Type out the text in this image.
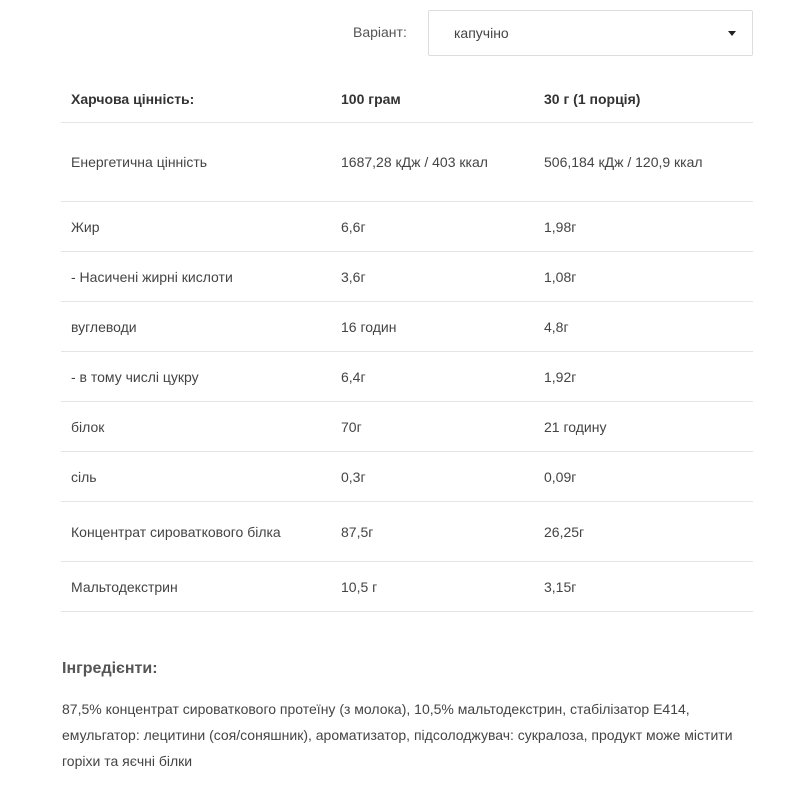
Варіант:	капучіно
Харчова цінність:	100 грам	30 г (1 порція)
Енергетична цінність	1687,28 кДж / 403 ккал	506,184 кДж / 120,9 ккал
Жир	6,6г	1,98г
- Насичені жирні кислоти	3,6г	1,08г
вуглеводи	16 годин	4,8г
- в тому числі цукру	6,4г	1,92г
білок	70г	21 годину
сіль	0,3г	0,09г
Концентрат сироваткового білка	87,5г	26,25г
Мальтодекстрин	10,5 г	3,15г
Інгредієнти:

87,5% концентрат сироваткового протеїну (з молока), 10,5% мальтодекстрин, стабілізатор Е414, емульгатор: лецитини (соя/соняшник), ароматизатор, підсолоджувач: сукралоза, продукт може містити горіхи та яєчні білки
